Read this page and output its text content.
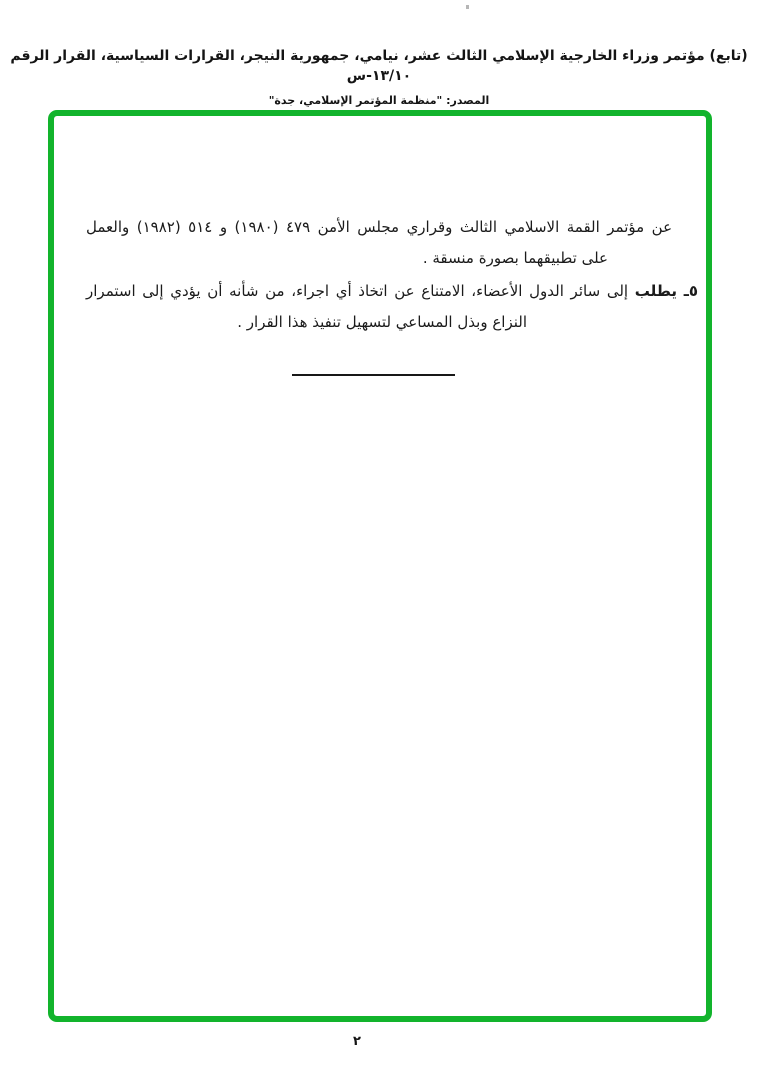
(تابع) مؤتمر وزراء الخارجية الإسلامي الثالث عشر، نيامي، جمهورية النيجر، القرارات السياسية، القرار الرقم ١٣/١٠-س
المصدر: "منظمة المؤتمر الإسلامي، جدة"
عن مؤتمر القمة الاسلامي الثالث وقراري مجلس الأمن ٤٧٩ (١٩٨٠) و ٥١٤ (١٩٨٢) والعمل
على تطبيقهما بصورة منسقة .
٥ـ يطلب إلى سائر الدول الأعضاء، الامتناع عن اتخاذ أي اجراء، من شأنه أن يؤدي إلى استمرار
النزاع وبذل المساعي لتسهيل تنفيذ هذا القرار .
٢
